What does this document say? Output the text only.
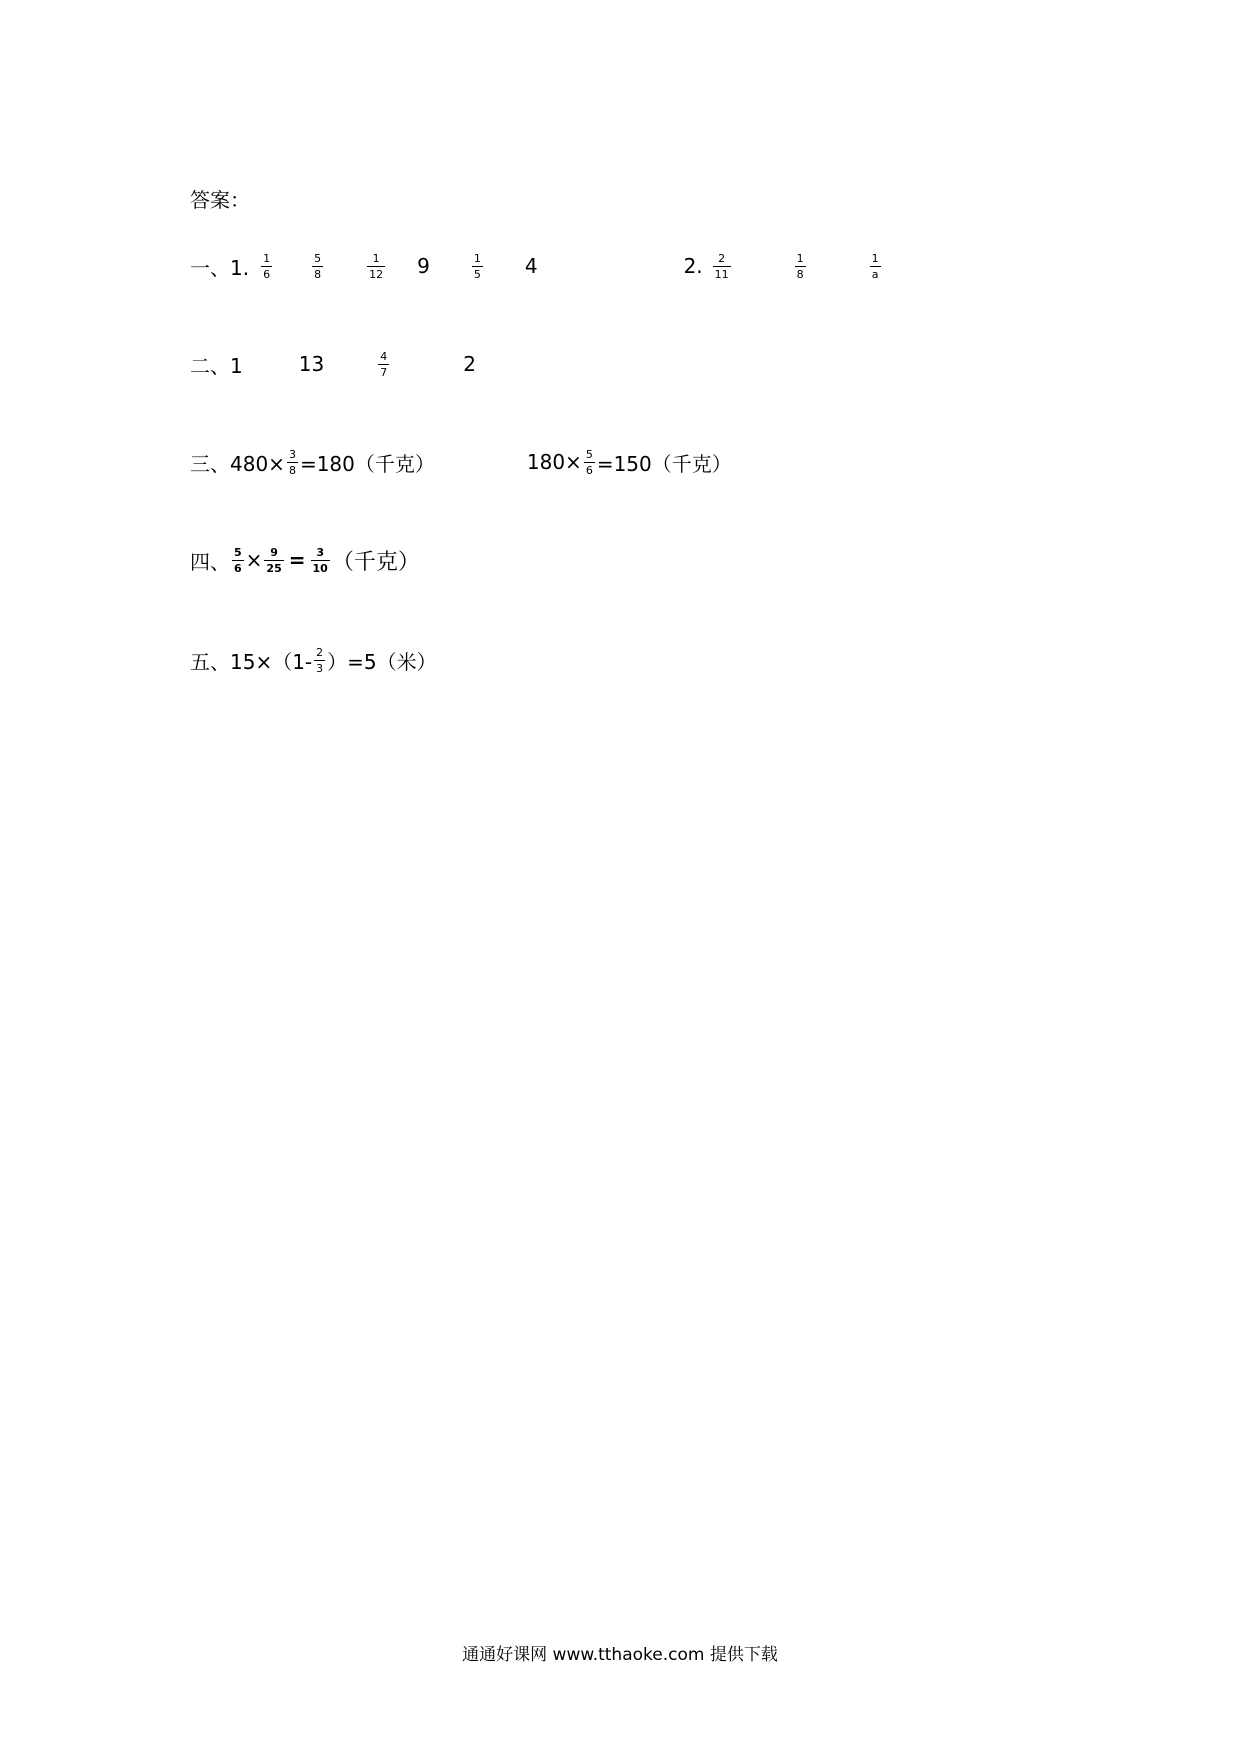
答案：
一、1. $\frac{1}{6}$	$\frac{5}{8}$	$\frac{1}{12} 9$	$\frac{1}{5} 4$	2. $\frac{2}{11}$	$\frac{1}{8}$	$\frac{1}{a}$
二、1	13	$\frac{4}{7}$	2
三、$480\times \frac{3}{8} =180$（千克）	$180\times \frac{5}{6} =150$（千克）
四、 $\frac{5}{6} \times \frac{9}{25} = \frac{3}{10}$ （千克）
五、$15\times(1- \frac{2}{3} )=5$（米）
通通好课网 www.tthaoke.com 提供下载
